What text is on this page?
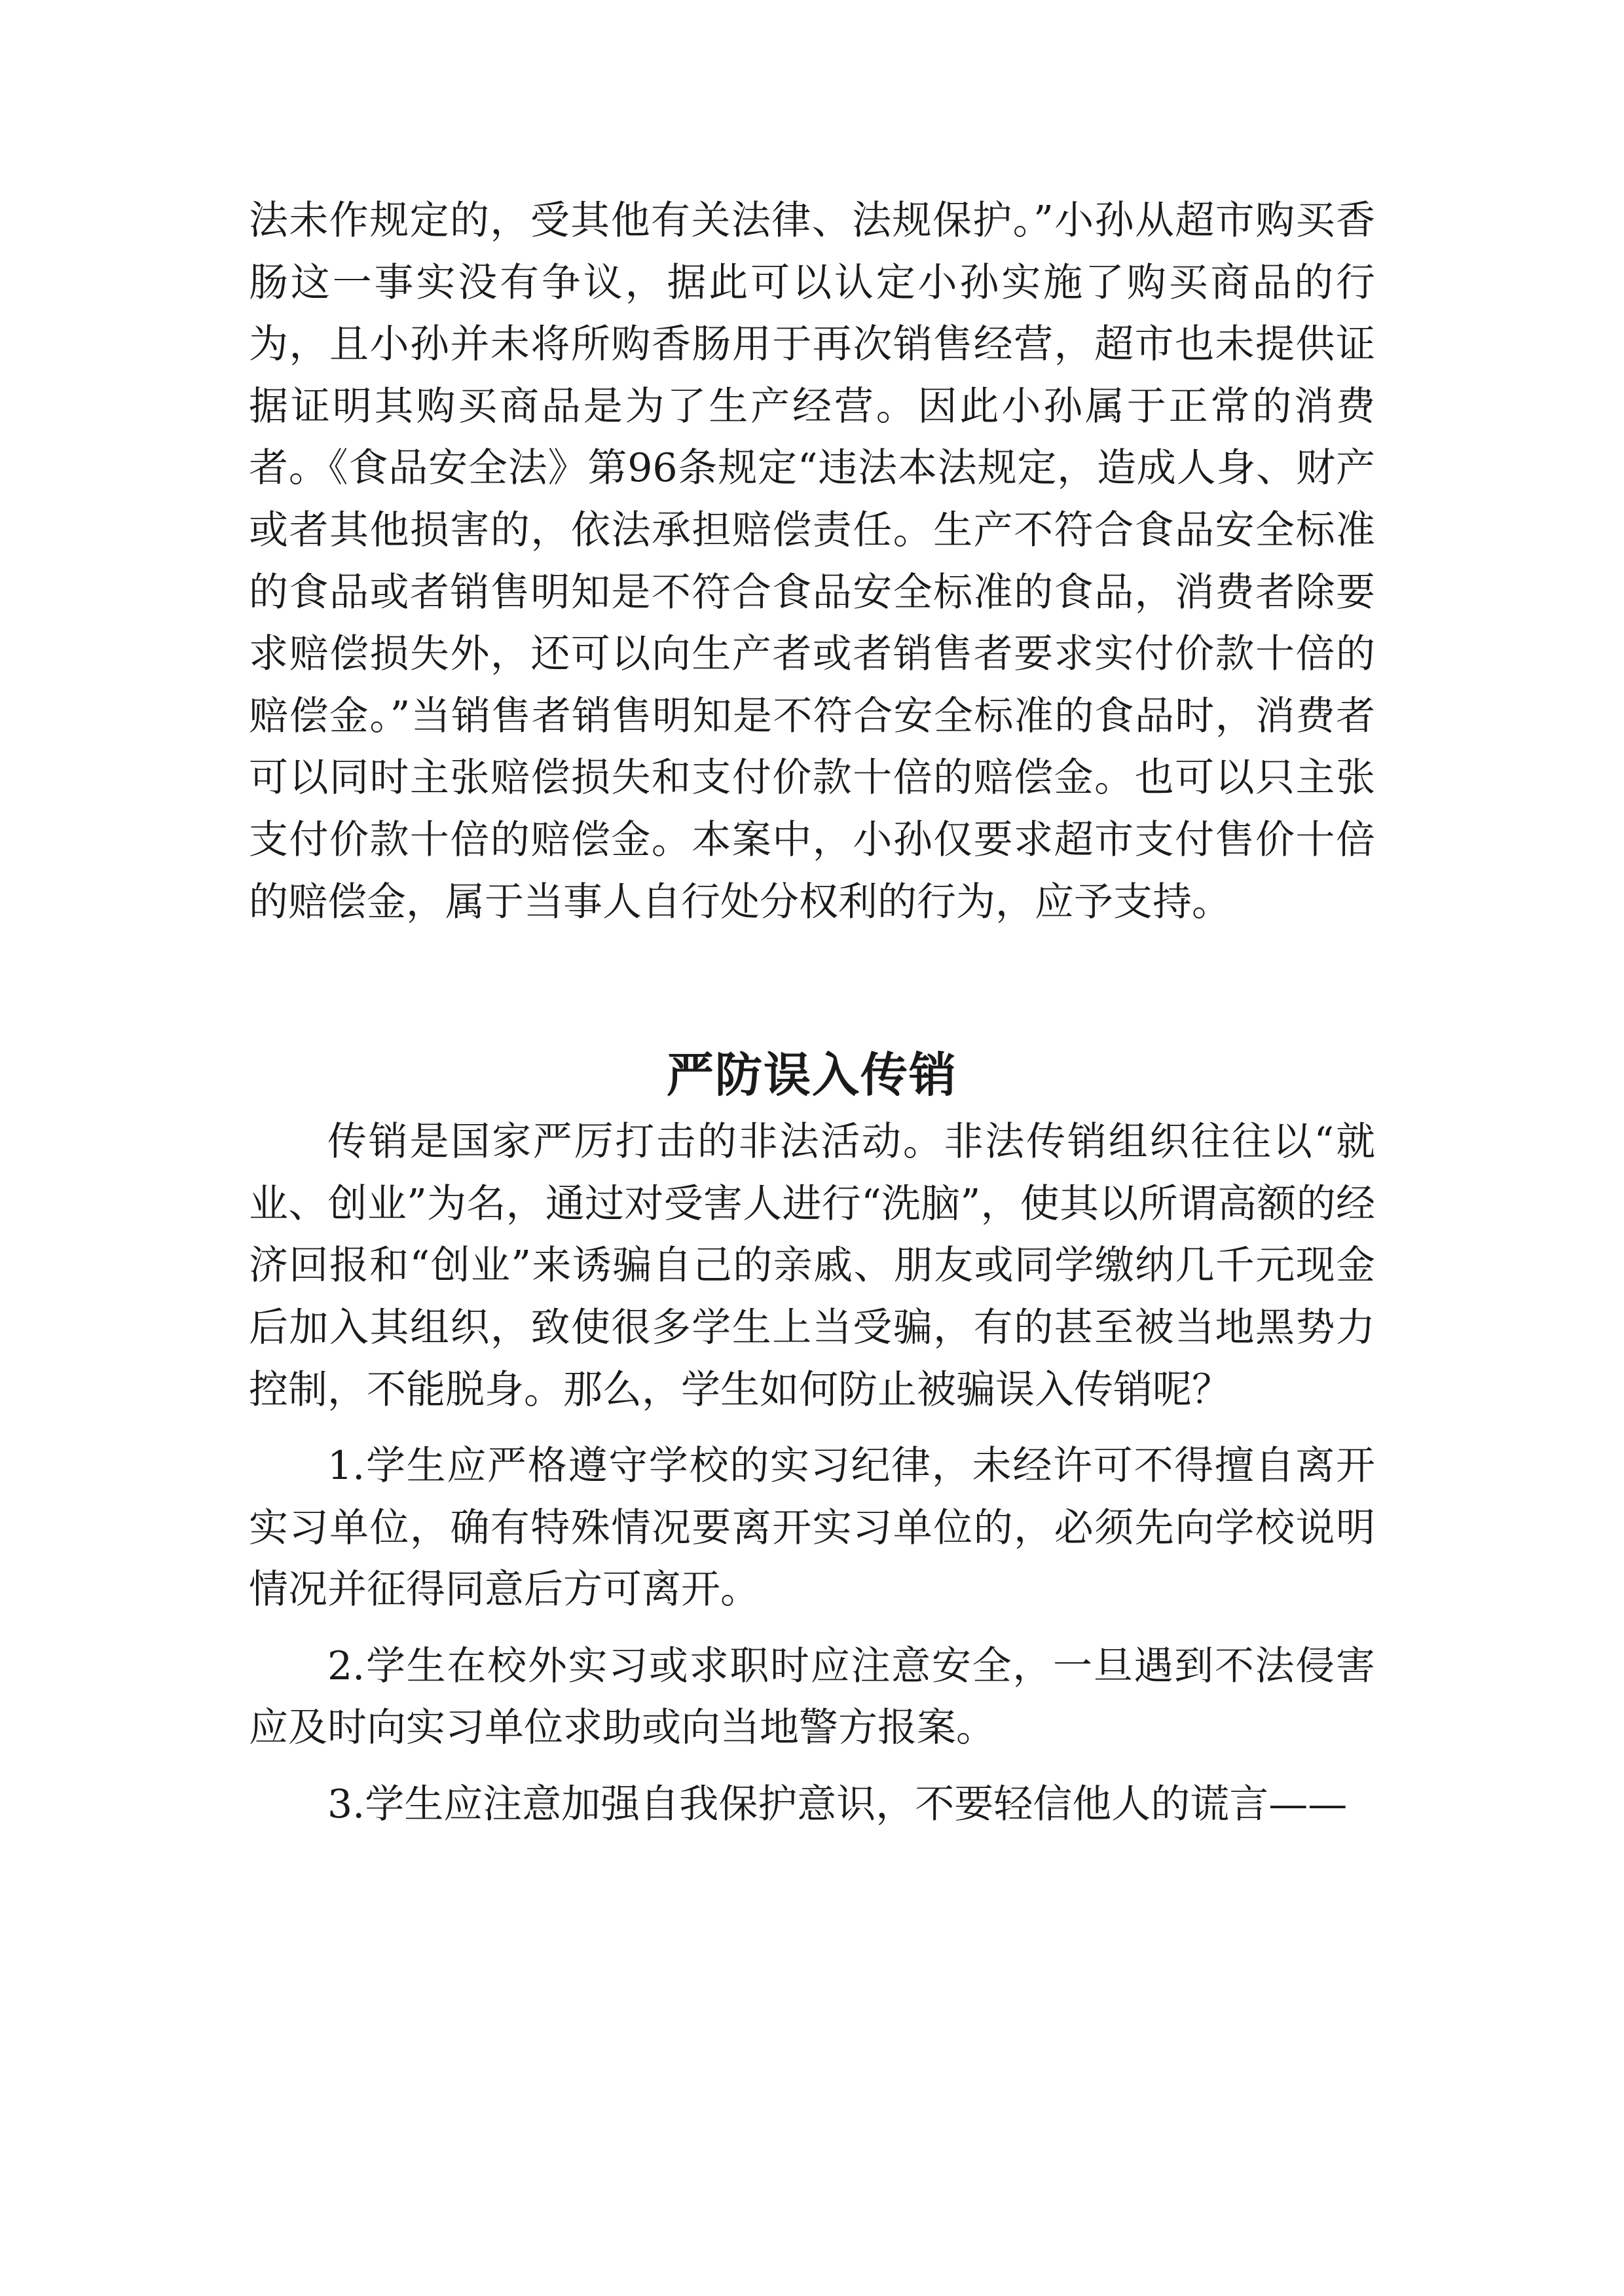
法未作规定的，受其他有关法律、法规保护。”小孙从超市购买香肠这一事实没有争议，据此可以认定小孙实施了购买商品的行为，且小孙并未将所购香肠用于再次销售经营，超市也未提供证据证明其购买商品是为了生产经营。因此小孙属于正常的消费者。《食品安全法》第96条规定“违法本法规定，造成人身、财产或者其他损害的，依法承担赔偿责任。生产不符合食品安全标准的食品或者销售明知是不符合食品安全标准的食品，消费者除要求赔偿损失外，还可以向生产者或者销售者要求实付价款十倍的赔偿金。”当销售者销售明知是不符合安全标准的食品时，消费者可以同时主张赔偿损失和支付价款十倍的赔偿金。也可以只主张支付价款十倍的赔偿金。本案中，小孙仅要求超市支付售价十倍的赔偿金，属于当事人自行处分权利的行为，应予支持。

严防误入传销

传销是国家严厉打击的非法活动。非法传销组织往往以“就业、创业”为名，通过对受害人进行“洗脑”，使其以所谓高额的经济回报和“创业”来诱骗自己的亲戚、朋友或同学缴纳几千元现金后加入其组织，致使很多学生上当受骗，有的甚至被当地黑势力控制，不能脱身。那么，学生如何防止被骗误入传销呢？

1.学生应严格遵守学校的实习纪律，未经许可不得擅自离开实习单位，确有特殊情况要离开实习单位的，必须先向学校说明情况并征得同意后方可离开。

2.学生在校外实习或求职时应注意安全，一旦遇到不法侵害应及时向实习单位求助或向当地警方报案。

3.学生应注意加强自我保护意识，不要轻信他人的谎言——
